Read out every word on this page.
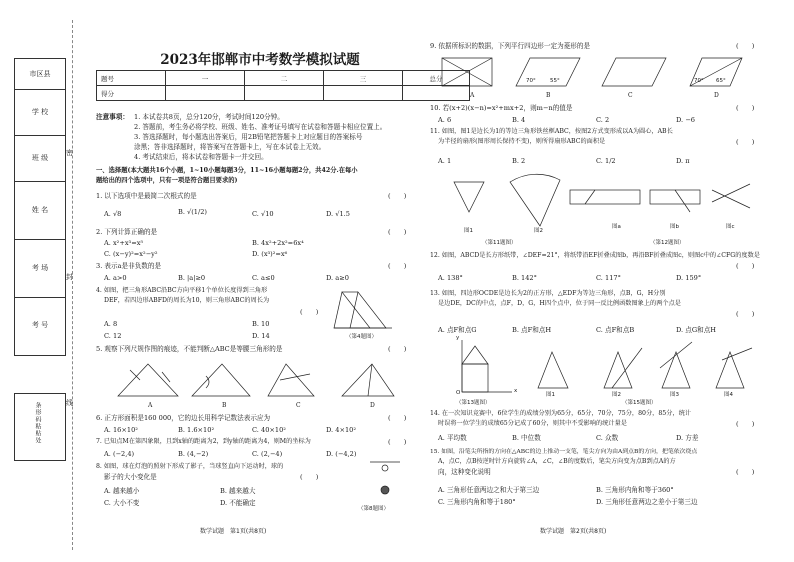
市区县
学 校
班 级
姓 名
考 场
考 号
条形码粘贴处
密
封
线
2023年邯郸市中考数学模拟试题
题号	一	二	三	总分
得分				
注意事项： 1. 本试卷共8页，总分120分，考试时间120分钟。
2. 答题前，考生务必将学校、班级、姓名、准考证号填写在试卷和答题卡相应位置上。
3. 答选择题时，每小题选出答案后，用2B铅笔把答题卡上对应题目的答案标号
涂黑；答非选择题时，将答案写在答题卡上，写在本试卷上无效。
4. 考试结束后，将本试卷和答题卡一并交回。
一、选择题(本大题共16个小题，1~10小题每题3分，11~16小题每题2分，共42分.在每小
题给出的四个选项中，只有一项是符合题目要求的)
1. 以下选项中是最简二次根式的是	(　　)
A. √8	B. √(1/2)	C. √10	D. √1.5
2. 下列计算正确的是	(　　)
A. x²+x³=x⁵	B. 4x²+2x²=6x⁴
C. (x−y)²=x²−y²	D. (x³)²=x⁶
3. 表示a是非负数的是	(　　)
A. a>0	B. |a|≥0	C. a≤0	D. a≥0
4. 如图，把三角形ABC沿BC方向平移1个单位长度得到三角形
DEF，若四边形ABFD的周长为10，则三角形ABC的周长为
(　　)
A. 8	B. 10
C. 12	D. 14	（第4题图）
5. 观察下列尺规作图的痕迹，不能判断△ABC是等腰三角形的是	(　　)
A	B	C	D
6. 正方形面积是160 000，它的边长用科学记数法表示应为	(　　)
A. 16×10²	B. 1.6×10²	C. 40×10²	D. 4×10²
7. 已知点M在第四象限，且到x轴的距离为2，到y轴的距离为4，则M的坐标为	(　　)
A. (−2,4)	B. (4,−2)	C. (2,−4)	D. (−4,2)
8. 如图，球在灯泡的照射下形成了影子，当球竖直向下运动时，球的
影子的大小变化是	(　　)
A. 越来越小	B. 越来越大
C. 大小不变	D. 不能确定
（第8题图）
数学试题　第1页(共8页)
9. 依据所标识的数据，下列平行四边形一定为菱形的是	(　　)
70°	55°	70° 65°
A	B	C	D
10. 若(x+2)(x−n)=x²+mx+2，则m−n的值是	(　　)
A. 6	B. 4	C. 2	D. −6
11. 如图，图1是边长为1的等边三角形铁丝框ABC，按图2方式变形成以A为圆心，AB长
为半径的扇形(图形周长保持不变)，则所得扇形ABC的面积是	(　　)
A. 1	B. 2	C. 1/2	D. π
图1	图2
图a	图b	图c
（第11题图）	（第12题图）
12. 如图，ABCD是长方形纸带，∠DEF=21°，将纸带沿EF折叠成图b，再沿BF折叠成图c，则图c中的∠CFG的度数是
(　　)
A. 138°	B. 142°	C. 117°	D. 159°
13. 如图，四边形OCDE是边长为2的正方形，△EDF为等边三角形，点B，G，H分别
是边DE，DC的中点，点F，D，G，H四个点中，位于同一反比例函数图象上的两个点是
(　　)
A. 点F和点G	B. 点F和点H	C. 点F和点B	D. 点G和点H
y
x
O	图1	图2	图3	图4
（第13题图）	（第15题图）
14. 在一次知识竞赛中，6位学生的成绩分别为65分，65分，70分，75分，80分，85分，统计
时误将一位学生的成绩65分记成了60分，则其中不受影响的统计量是	(　　)
A. 平均数	B. 中位数	C. 众数	D. 方差
15. 如图，沿笔尖所指的方向在△ABC的边上推动一支笔，笔尖方向为由A到点B的方向，把笔依次绕点
A，点C，点B按逆时针方向旋转∠A，∠C，∠B的度数后，笔尖方向变为点B到点A的方
向，这种变化说明	(　　)
A. 三角形任意两边之和大于第三边	B. 三角形内角和等于360°
C. 三角形内角和等于180°	D. 三角形任意两边之差小于第三边
数学试题　第2页(共8页)
